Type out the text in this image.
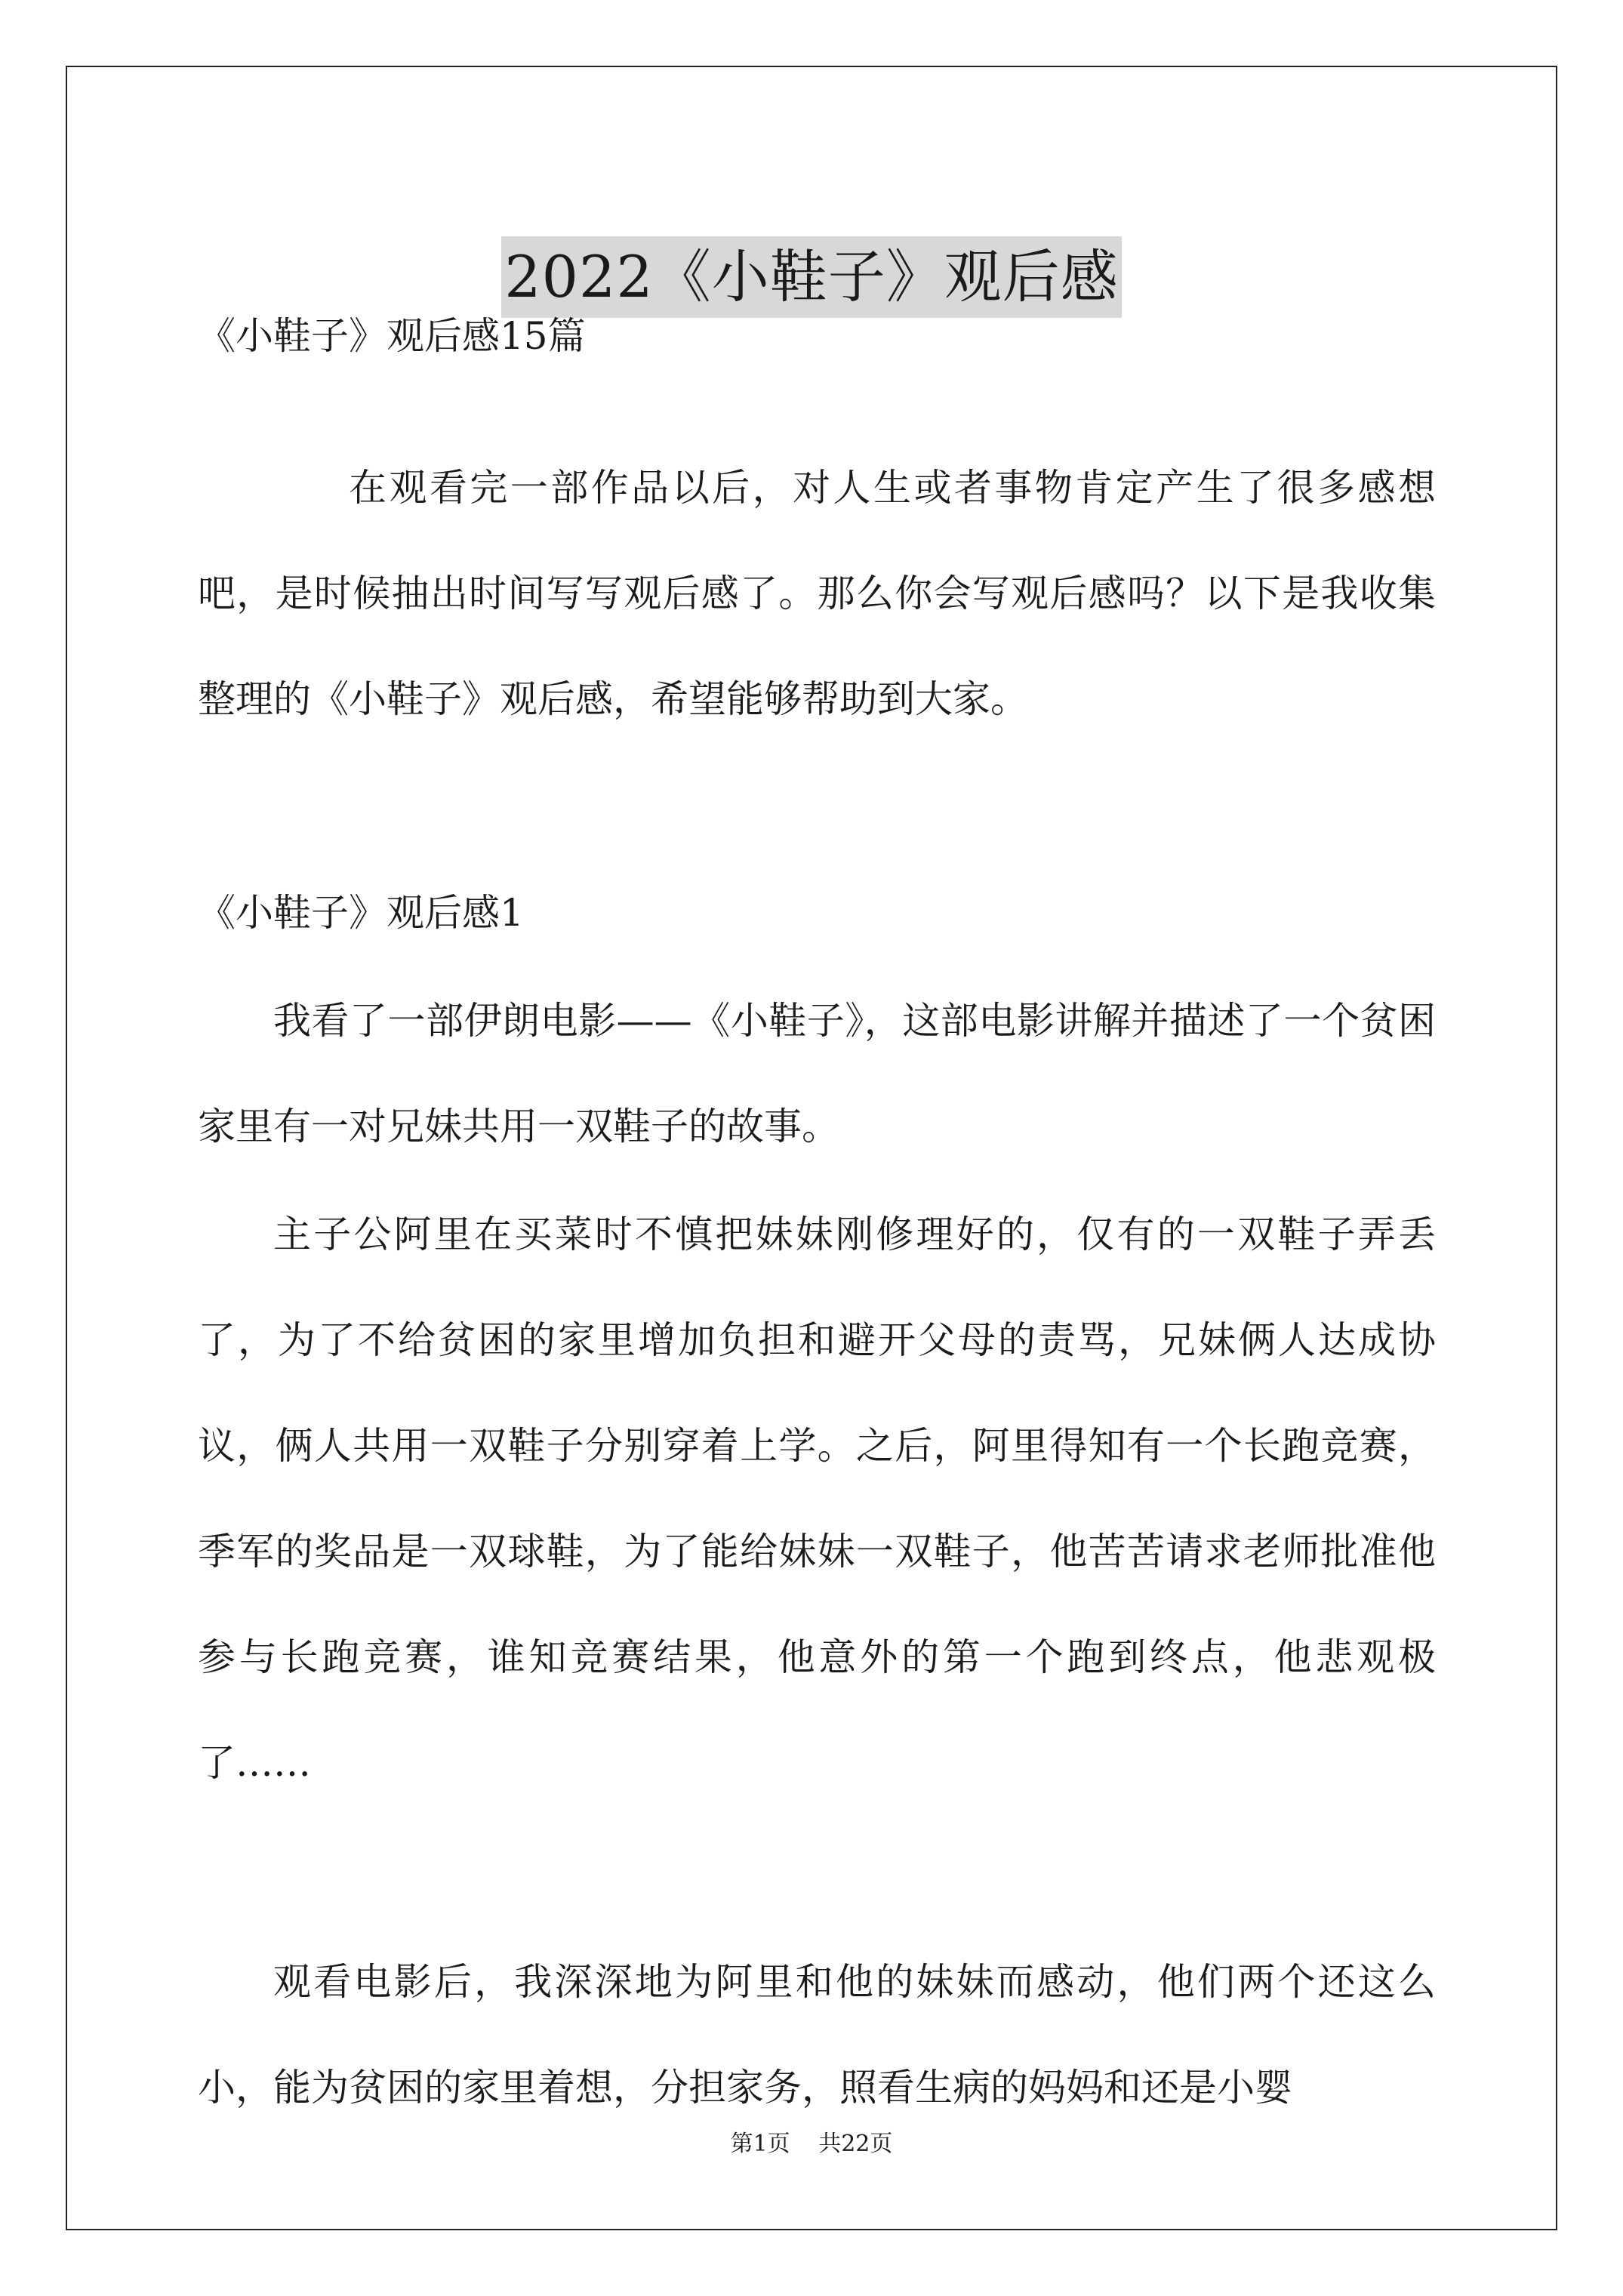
2022《小鞋子》观后感
《小鞋子》观后感15篇

在观看完一部作品以后，对人生或者事物肯定产生了很多感想吧，是时候抽出时间写写观后感了。那么你会写观后感吗？以下是我收集整理的《小鞋子》观后感，希望能够帮助到大家。

《小鞋子》观后感1

我看了一部伊朗电影——《小鞋子》，这部电影讲解并描述了一个贫困家里有一对兄妹共用一双鞋子的故事。

主子公阿里在买菜时不慎把妹妹刚修理好的，仅有的一双鞋子弄丢了，为了不给贫困的家里增加负担和避开父母的责骂，兄妹俩人达成协议，俩人共用一双鞋子分别穿着上学。之后，阿里得知有一个长跑竞赛，季军的奖品是一双球鞋，为了能给妹妹一双鞋子，他苦苦请求老师批准他参与长跑竞赛，谁知竞赛结果，他意外的第一个跑到终点，他悲观极了……

观看电影后，我深深地为阿里和他的妹妹而感动，他们两个还这么小，能为贫困的家里着想，分担家务，照看生病的妈妈和还是小婴

第1页 共22页
